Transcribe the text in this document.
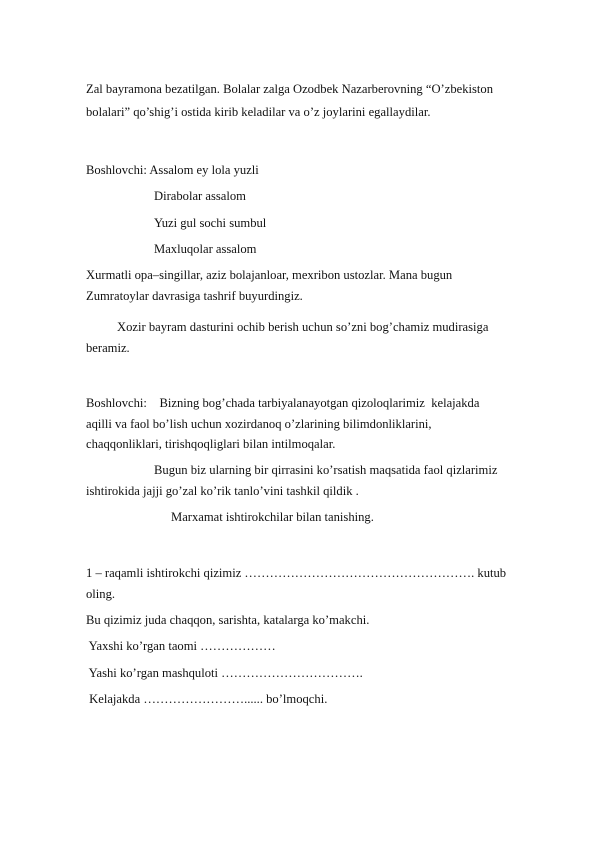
Zal bayramona bezatilgan. Bolalar zalga Ozodbek Nazarberovning “O’zbekiston
bolalari” qo’shig’i ostida kirib keladilar va o’z joylarini egallaydilar.
Boshlovchi: Assalom ey lola yuzli
Dirabolar assalom
Yuzi gul sochi sumbul
Maxluqolar assalom
Xurmatli opa–singillar, aziz bolajanloar, mexribon ustozlar. Mana bugun
Zumratoylar davrasiga tashrif buyurdingiz.
Xozir bayram dasturini ochib berish uchun so’zni bog’chamiz mudirasiga
beramiz.
Boshlovchi:    Bizning bog’chada tarbiyalanayotgan qizoloqlarimiz  kelajakda
aqilli va faol bo’lish uchun xozirdanoq o’zlarining bilimdonliklarini,
chaqqonliklari, tirishqoqliglari bilan intilmoqalar.
Bugun biz ularning bir qirrasini ko’rsatish maqsatida faol qizlarimiz
ishtirokida jajji go’zal ko’rik tanlo’vini tashkil qildik .
Marxamat ishtirokchilar bilan tanishing.
1 – raqamli ishtirokchi qizimiz ………………………………………………. kutub
oling.
Bu qizimiz juda chaqqon, sarishta, katalarga ko’makchi.
Yaxshi ko’rgan taomi ………………
Yashi ko’rgan mashquloti …………………………….
Kelajakda ……………………...... bo’lmoqchi.
